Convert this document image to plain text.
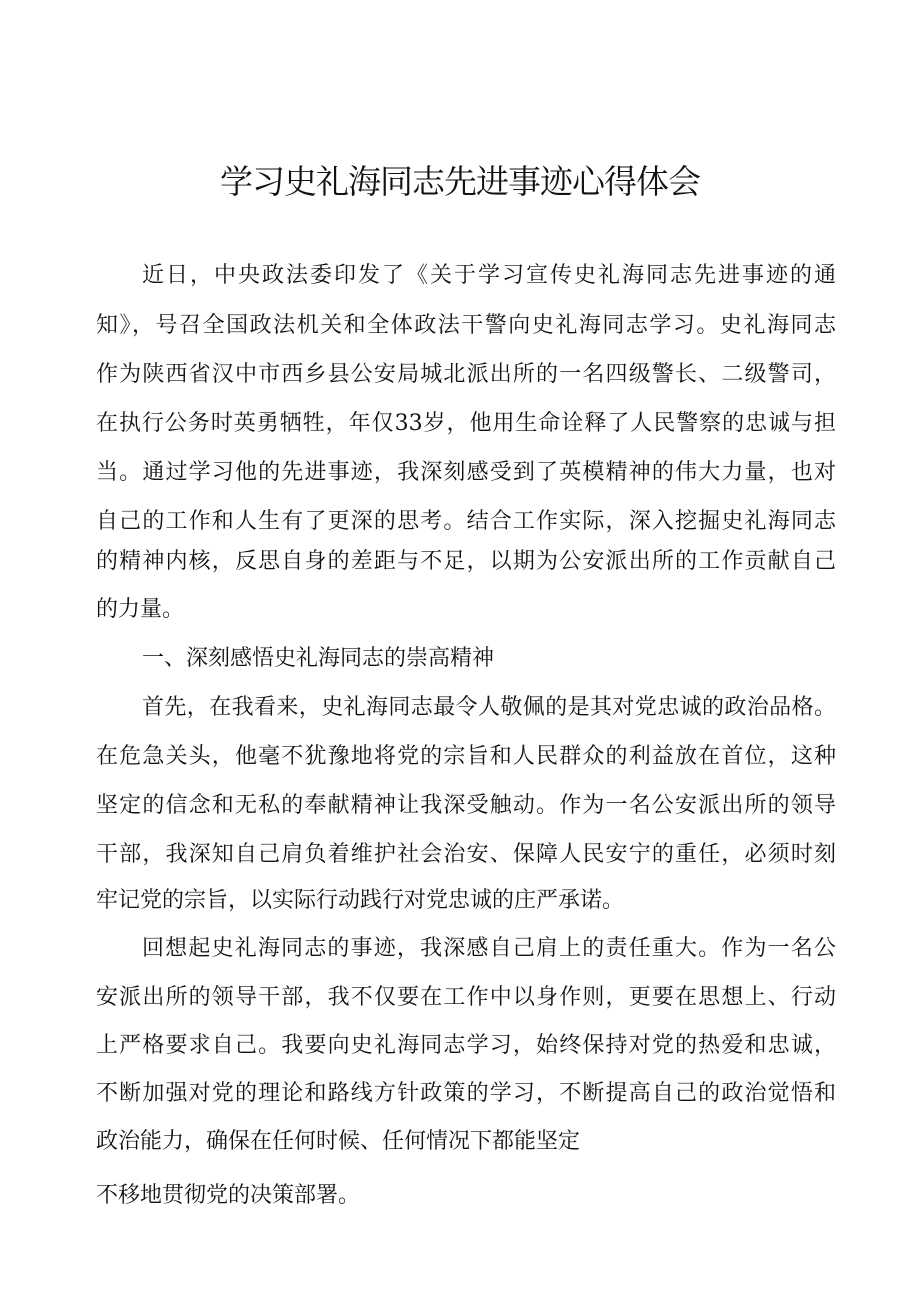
学习史礼海同志先进事迹心得体会

近日，中央政法委印发了《关于学习宣传史礼海同志先进事迹的通

知》，号召全国政法机关和全体政法干警向史礼海同志学习。史礼海同志

作为陕西省汉中市西乡县公安局城北派出所的一名四级警长、二级警司，

在执行公务时英勇牺牲，年仅33岁，他用生命诠释了人民警察的忠诚与担

当。通过学习他的先进事迹，我深刻感受到了英模精神的伟大力量，也对

自己的工作和人生有了更深的思考。结合工作实际，深入挖掘史礼海同志

的精神内核，反思自身的差距与不足，以期为公安派出所的工作贡献自己

的力量。

一、深刻感悟史礼海同志的崇高精神

首先，在我看来，史礼海同志最令人敬佩的是其对党忠诚的政治品格。

在危急关头，他毫不犹豫地将党的宗旨和人民群众的利益放在首位，这种

坚定的信念和无私的奉献精神让我深受触动。作为一名公安派出所的领导

干部，我深知自己肩负着维护社会治安、保障人民安宁的重任，必须时刻

牢记党的宗旨，以实际行动践行对党忠诚的庄严承诺。

回想起史礼海同志的事迹，我深感自己肩上的责任重大。作为一名公

安派出所的领导干部，我不仅要在工作中以身作则，更要在思想上、行动

上严格要求自己。我要向史礼海同志学习，始终保持对党的热爱和忠诚，

不断加强对党的理论和路线方针政策的学习，不断提高自己的政治觉悟和

政治能力，确保在任何时候、任何情况下都能坚定

不移地贯彻党的决策部署。
